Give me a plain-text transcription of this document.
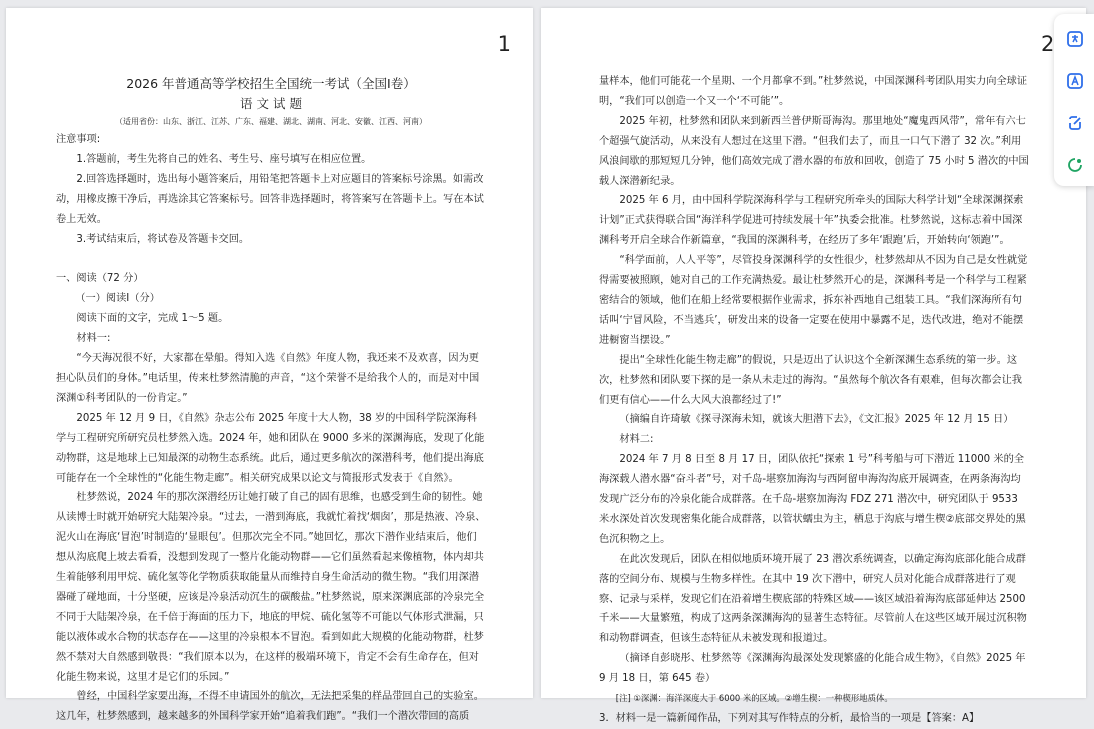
1

2026 年普通高等学校招生全国统一考试（全国Ⅰ卷）

语 文 试 题

（适用省份：山东、浙江、江苏、广东、福建、湖北、湖南、河北、安徽、江西、河南）

注意事项:

1.答题前，考生先将自己的姓名、考生号、座号填写在相应位置。

2.回答选择题时，选出每小题答案后，用铅笔把答题卡上对应题目的答案标号涂黑。如需改动，用橡皮擦干净后，再选涂其它答案标号。回答非选择题时，将答案写在答题卡上。写在本试卷上无效。

3.考试结束后，将试卷及答题卡交回。

一、阅读（72 分）

（一）阅读Ⅰ（分）

阅读下面的文字，完成 1～5 题。

材料一:

“今天海况很不好，大家都在晕船。得知入选《自然》年度人物，我还来不及欢喜，因为更担心队员们的身体。”电话里，传来杜梦然清脆的声音，“这个荣誉不是给我个人的，而是对中国深渊①科考团队的一份肯定。”

2025 年 12 月 9 日，《自然》杂志公布 2025 年度十大人物，38 岁的中国科学院深海科学与工程研究所研究员杜梦然入选。2024 年，她和团队在 9000 多米的深渊海底，发现了化能动物群，这是地球上已知最深的动物生态系统。此后，通过更多航次的深潜科考，他们提出海底可能存在一个全球性的“化能生物走廊”。相关研究成果以论文与简报形式发表于《自然》。

杜梦然说，2024 年的那次深潜经历让她打破了自己的固有思维，也感受到生命的韧性。她从读博士时就开始研究大陆架冷泉。“过去，一潜到海底，我就忙着找‘烟囱’，那是热液、冷泉、泥火山在海底‘冒泡’时制造的‘显眼包’。但那次完全不同。”她回忆，那次下潜作业结束后，他们想从沟底爬上坡去看看，没想到发现了一整片化能动物群——它们虽然看起来像植物，体内却共生着能够利用甲烷、硫化氢等化学物质获取能量从而维持自身生命活动的微生物。“我们用深潜器碰了碰地面，十分坚硬，应该是冷泉活动沉生的碳酸盐。”杜梦然说，原来深渊底部的冷泉完全不同于大陆架冷泉，在千倍于海面的压力下，地底的甲烷、硫化氢等不可能以气体形式泄漏，只能以液体或水合物的状态存在——这里的冷泉根本不冒泡。看到如此大规模的化能动物群，杜梦然不禁对大自然感到敬畏：“我们原本以为，在这样的极端环境下，肯定不会有生命存在，但对化能生物来说，这里才是它们的乐园。”

曾经，中国科学家要出海，不得不申请国外的航次，无法把采集的样品带回自己的实验室。这几年，杜梦然感到，越来越多的外国科学家开始“追着我们跑”。“我们一个潜次带回的高质

2

量样本，他们可能花一个星期、一个月都拿不到。”杜梦然说，中国深渊科考团队用实力向全球证明，“我们可以创造一个又一个‘不可能’”。

2025 年初，杜梦然和团队来到新西兰普伊斯哥海沟。那里地处“魔鬼西风带”，常年有六七个超强气旋活动，从来没有人想过在这里下潜。“但我们去了，而且一口气下潜了 32 次。”利用风浪间歇的那短短几分钟，他们高效完成了潜水器的布放和回收，创造了 75 小时 5 潜次的中国载人深潜新纪录。

2025 年 6 月，由中国科学院深海科学与工程研究所牵头的国际大科学计划“全球深渊探索计划”正式获得联合国“海洋科学促进可持续发展十年”执委会批准。杜梦然说，这标志着中国深渊科考开启全球合作新篇章，“我国的深渊科考，在经历了多年‘跟跑’后，开始转向‘领跑’”。

“科学面前，人人平等”，尽管投身深渊科学的女性很少，杜梦然却从不因为自己是女性就觉得需要被照顾，她对自己的工作充满热爱。最让杜梦然开心的是，深渊科考是一个科学与工程紧密结合的领域，他们在船上经常要根据作业需求，拆东补西地自己组装工具。“我们深海所有句话叫‘宁冒风险，不当逃兵’，研发出来的设备一定要在使用中暴露不足，迭代改进，绝对不能摆进橱窗当摆设。”

提出“全球性化能生物走廊”的假说，只是迈出了认识这个全新深渊生态系统的第一步。这次，杜梦然和团队要下探的是一条从未走过的海沟。“虽然每个航次各有艰难，但每次都会让我们更有信心——什么大风大浪都经过了!”

（摘编自许琦敏《探寻深海未知，就该大胆潜下去》，《文汇报》2025 年 12 月 15 日）

材料二:

2024 年 7 月 8 日至 8 月 17 日，团队依托“探索 1 号”科考船与可下潜近 11000 米的全海深载人潜水器“奋斗者”号，对千岛-堪察加海沟与西阿留申海沟沟底开展调查，在两条海沟均发现广泛分布的冷泉化能合成群落。在千岛-堪察加海沟 FDZ 271 潜次中，研究团队于 9533 米水深处首次发现密集化能合成群落，以管状蠕虫为主，栖息于沟底与增生楔②底部交界处的黑色沉积物之上。

在此次发现后，团队在相似地质环境开展了 23 潜次系统调查，以确定海沟底部化能合成群落的空间分布、规模与生物多样性。在其中 19 次下潜中，研究人员对化能合成群落进行了观察、记录与采样，发现它们在沿着增生楔底部的特殊区域——该区域沿着海沟底部延伸达 2500 千米——大量繁殖，构成了这两条深渊海沟的显著生态特征。尽管前人在这些区域开展过沉积物和动物群调查，但该生态特征从未被发现和报道过。

（摘译自彭晓彤、杜梦然等《深渊海沟最深处发现繁盛的化能合成生物》，《自然》2025 年 9 月 18 日，第 645 卷）

[注] ①深渊：海洋深度大于 6000 米的区域。②增生楔：一种楔形地质体。

3．材料一是一篇新闻作品，下列对其写作特点的分析，最恰当的一项是【答案：A】
